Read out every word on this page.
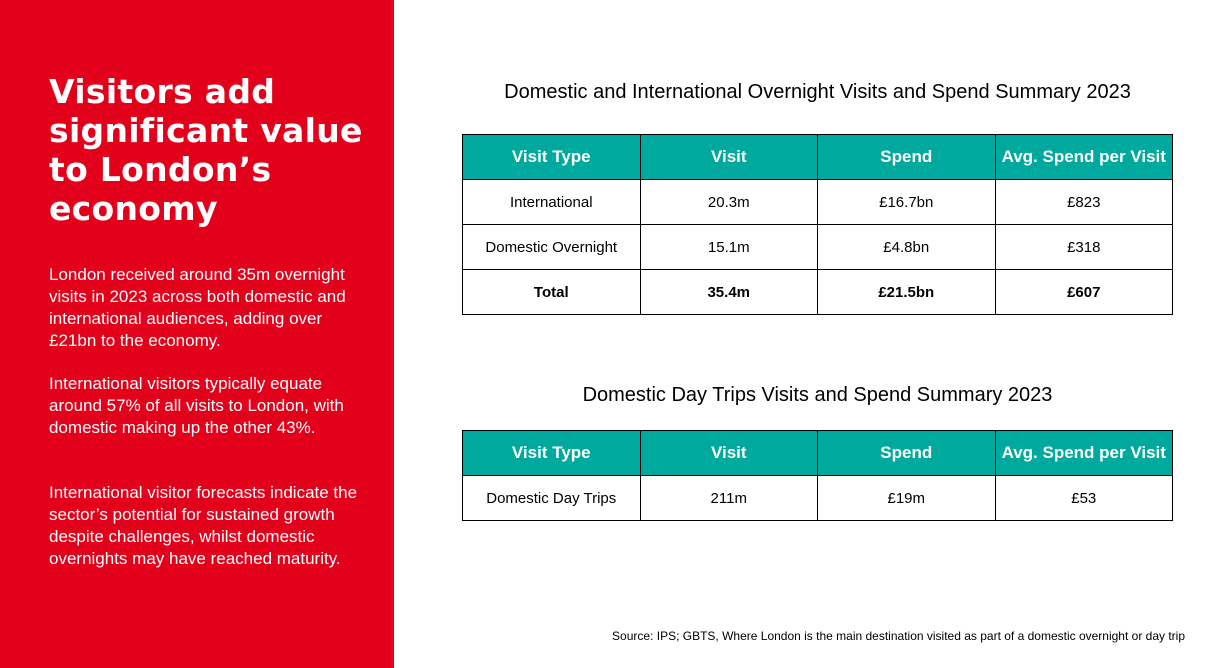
Visitors add significant value to London’s economy

London received around 35m overnight visits in 2023 across both domestic and international audiences, adding over £21bn to the economy.

International visitors typically equate around 57% of all visits to London, with domestic making up the other 43%.

International visitor forecasts indicate the sector’s potential for sustained growth despite challenges, whilst domestic overnights may have reached maturity.

Domestic and International Overnight Visits and Spend Summary 2023
Visit Type	Visit	Spend	Avg. Spend per Visit
International	20.3m	£16.7bn	£823
Domestic Overnight	15.1m	£4.8bn	£318
Total	35.4m	£21.5bn	£607
Domestic Day Trips Visits and Spend Summary 2023
Visit Type	Visit	Spend	Avg. Spend per Visit
Domestic Day Trips	211m	£19m	£53

Source: IPS; GBTS, Where London is the main destination visited as part of a domestic overnight or day trip
